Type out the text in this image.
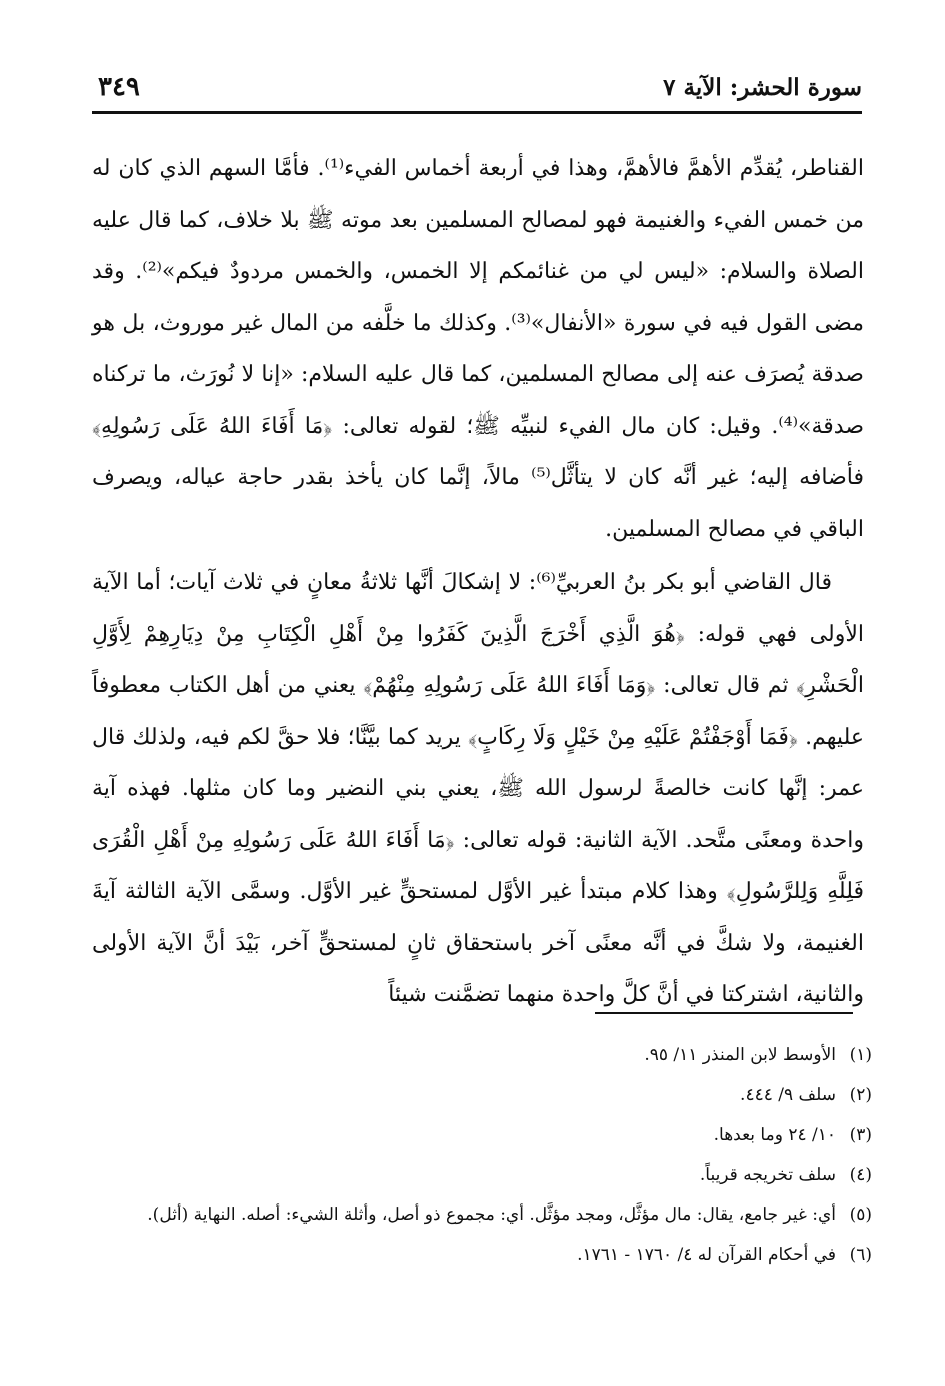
سورة الحشر: الآية ٧
٣٤٩

القناطر، يُقدِّم الأهمَّ فالأهمَّ، وهذا في أربعة أخماس الفيء⁽¹⁾. فأمَّا السهم الذي كان له من خمس الفيء والغنيمة فهو لمصالح المسلمين بعد موته ﷺ بلا خلاف، كما قال عليه الصلاة والسلام: «ليس لي من غنائمكم إلا الخمس، والخمس مردودٌ فيكم»⁽²⁾. وقد مضى القول فيه في سورة «الأنفال»⁽³⁾. وكذلك ما خلَّفه من المال غير موروث، بل هو صدقة يُصرَف عنه إلى مصالح المسلمين، كما قال عليه السلام: «إنا لا نُورَث، ما تركناه صدقة»⁽⁴⁾. وقيل: كان مال الفيء لنبيِّه ﷺ؛ لقوله تعالى: ﴿مَا أَفَاءَ اللهُ عَلَى رَسُولِهِ﴾ فأضافه إليه؛ غير أنَّه كان لا يتأثَّل⁽⁵⁾ مالاً، إنَّما كان يأخذ بقدر حاجة عياله، ويصرف الباقي في مصالح المسلمين.

قال القاضي أبو بكر بنُ العربيِّ⁽⁶⁾: لا إشكالَ أنَّها ثلاثةُ معانٍ في ثلاث آيات؛ أما الآية الأولى فهي قوله: ﴿هُوَ الَّذِي أَخْرَجَ الَّذِينَ كَفَرُوا مِنْ أَهْلِ الْكِتَابِ مِنْ دِيَارِهِمْ لِأَوَّلِ الْحَشْرِ﴾ ثم قال تعالى: ﴿وَمَا أَفَاءَ اللهُ عَلَى رَسُولِهِ مِنْهُمْ﴾ يعني من أهل الكتاب معطوفاً عليهم. ﴿فَمَا أَوْجَفْتُمْ عَلَيْهِ مِنْ خَيْلٍ وَلَا رِكَابٍ﴾ يريد كما بيَّنَّا؛ فلا حقَّ لكم فيه، ولذلك قال عمر: إنَّها كانت خالصةً لرسول الله ﷺ، يعني بني النضير وما كان مثلها. فهذه آية واحدة ومعنًى متَّحد. الآية الثانية: قوله تعالى: ﴿مَا أَفَاءَ اللهُ عَلَى رَسُولِهِ مِنْ أَهْلِ الْقُرَى فَلِلَّهِ وَلِلرَّسُولِ﴾ وهذا كلام مبتدأ غير الأوَّل لمستحقٍّ غير الأوَّل. وسمَّى الآية الثالثة آيةَ الغنيمة، ولا شكَّ في أنَّه معنًى آخر باستحقاق ثانٍ لمستحقٍّ آخر، بَيْدَ أنَّ الآية الأولى والثانية، اشتركتا في أنَّ كلَّ واحدة منهما تضمَّنت شيئاً

(١)
الأوسط لابن المنذر ١١/ ٩٥.

(٢)
سلف ٩/ ٤٤٤.

(٣)
١٠/ ٢٤ وما بعدها.

(٤)
سلف تخريجه قريباً.

(٥)
أي: غير جامع، يقال: مال مؤثَّل، ومجد مؤثَّل. أي: مجموع ذو أصل، وأثلة الشيء: أصله. النهاية (أثل).

(٦)
في أحكام القرآن له ٤/ ١٧٦٠ - ١٧٦١.
